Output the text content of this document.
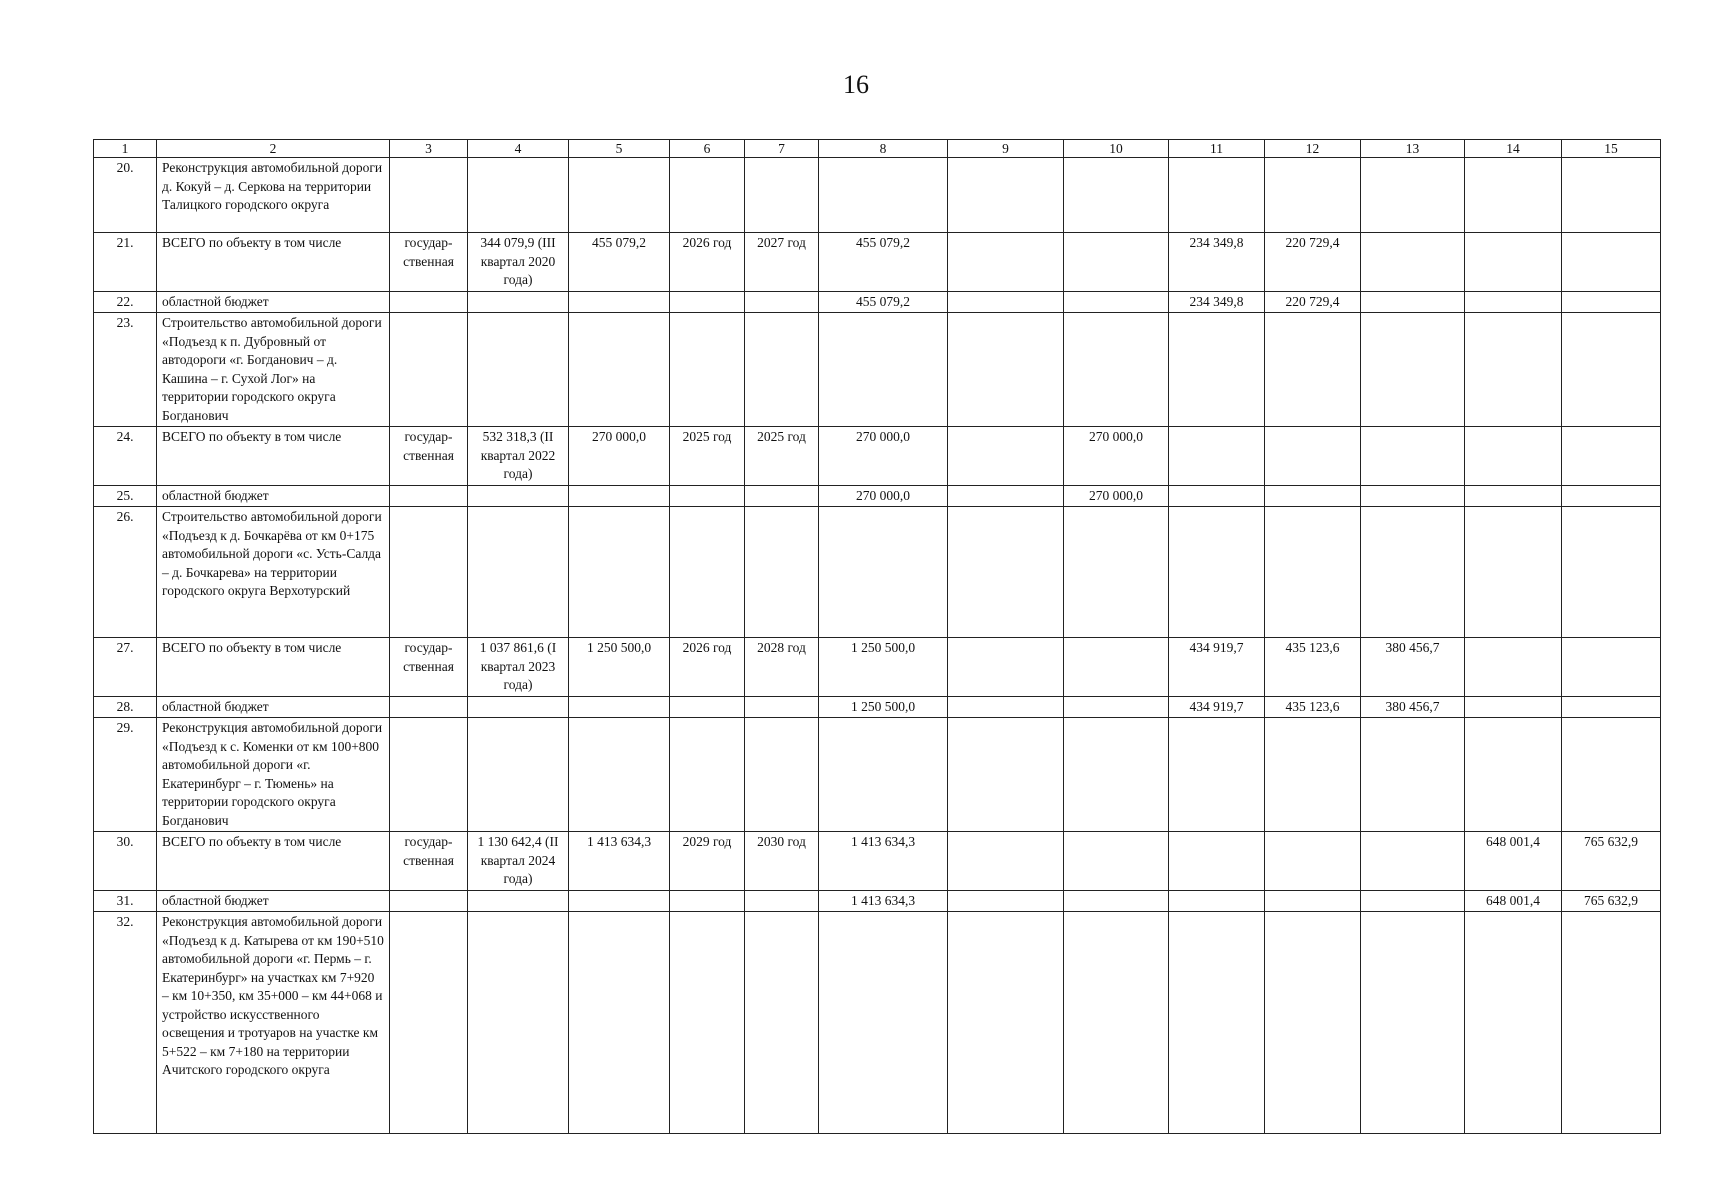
16
1	2	3	4	5	6	7	8	9	10	11	12	13	14	15
20.	Реконструкция автомобильной дороги д. Кокуй – д. Серкова на территории Талицкого городского округа													
21.	ВСЕГО по объекту в том числе	государ- ственная	344 079,9 (III квартал 2020 года)	455 079,2	2026 год	2027 год	455 079,2			234 349,8	220 729,4			
22.	областной бюджет						455 079,2			234 349,8	220 729,4			
23.	Строительство автомобильной дороги «Подъезд к п. Дубровный от автодороги «г. Богданович – д. Кашина – г. Сухой Лог» на территории городского округа Богданович													
24.	ВСЕГО по объекту в том числе	государ- ственная	532 318,3 (II квартал 2022 года)	270 000,0	2025 год	2025 год	270 000,0		270 000,0					
25.	областной бюджет						270 000,0		270 000,0					
26.	Строительство автомобильной дороги «Подъезд к д. Бочкарёва от км 0+175 автомобильной дороги «с. Усть-Салда – д. Бочкарева» на территории городского округа Верхотурский													
27.	ВСЕГО по объекту в том числе	государ- ственная	1 037 861,6 (I квартал 2023 года)	1 250 500,0	2026 год	2028 год	1 250 500,0			434 919,7	435 123,6	380 456,7		
28.	областной бюджет						1 250 500,0			434 919,7	435 123,6	380 456,7		
29.	Реконструкция автомобильной дороги «Подъезд к с. Коменки от км 100+800 автомобильной дороги «г. Екатеринбург – г. Тюмень» на территории городского округа Богданович													
30.	ВСЕГО по объекту в том числе	государ- ственная	1 130 642,4 (II квартал 2024 года)	1 413 634,3	2029 год	2030 год	1 413 634,3						648 001,4	765 632,9
31.	областной бюджет						1 413 634,3						648 001,4	765 632,9
32.	Реконструкция автомобильной дороги «Подъезд к д. Катырева от км 190+510 автомобильной дороги «г. Пермь – г. Екатеринбург» на участках км 7+920 – км 10+350, км 35+000 – км 44+068 и устройство искусственного освещения и тротуаров на участке км 5+522 – км 7+180 на территории Ачитского городского округа													
